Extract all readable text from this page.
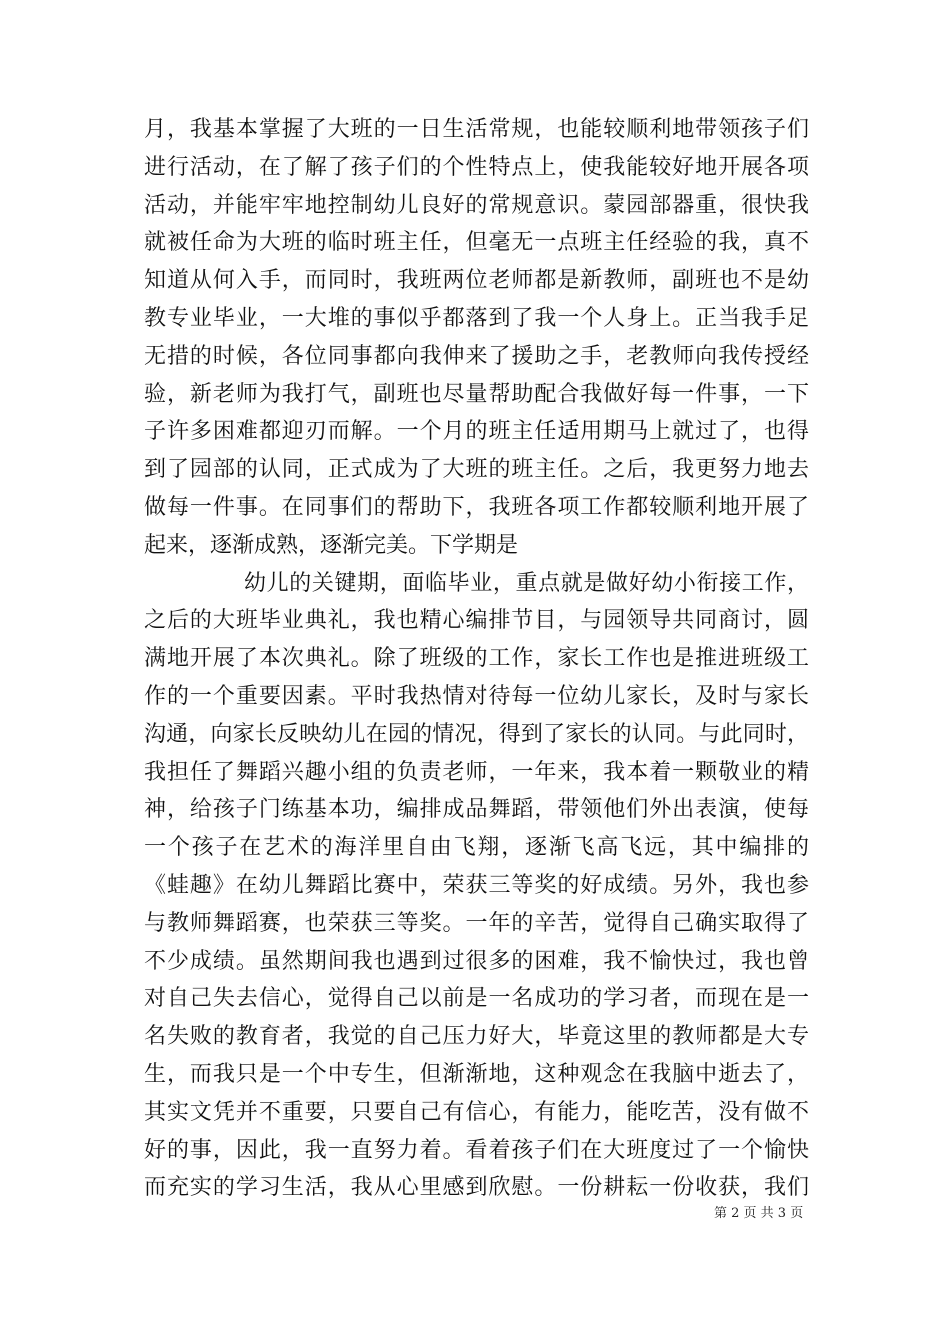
月，我基本掌握了大班的一日生活常规，也能较顺利地带领孩子们
进行活动，在了解了孩子们的个性特点上，使我能较好地开展各项
活动，并能牢牢地控制幼儿良好的常规意识。蒙园部器重，很快我
就被任命为大班的临时班主任，但毫无一点班主任经验的我，真不
知道从何入手，而同时，我班两位老师都是新教师，副班也不是幼
教专业毕业，一大堆的事似乎都落到了我一个人身上。正当我手足
无措的时候，各位同事都向我伸来了援助之手，老教师向我传授经
验，新老师为我打气，副班也尽量帮助配合我做好每一件事，一下
子许多困难都迎刃而解。一个月的班主任适用期马上就过了，也得
到了园部的认同，正式成为了大班的班主任。之后，我更努力地去
做每一件事。在同事们的帮助下，我班各项工作都较顺利地开展了
起来，逐渐成熟，逐渐完美。下学期是
幼儿的关键期，面临毕业，重点就是做好幼小衔接工作，
之后的大班毕业典礼，我也精心编排节目，与园领导共同商讨，圆
满地开展了本次典礼。除了班级的工作，家长工作也是推进班级工
作的一个重要因素。平时我热情对待每一位幼儿家长，及时与家长
沟通，向家长反映幼儿在园的情况，得到了家长的认同。与此同时，
我担任了舞蹈兴趣小组的负责老师，一年来，我本着一颗敬业的精
神，给孩子门练基本功，编排成品舞蹈，带领他们外出表演，使每
一个孩子在艺术的海洋里自由飞翔，逐渐飞高飞远，其中编排的
《蛙趣》在幼儿舞蹈比赛中，荣获三等奖的好成绩。另外，我也参
与教师舞蹈赛，也荣获三等奖。一年的辛苦，觉得自己确实取得了
不少成绩。虽然期间我也遇到过很多的困难，我不愉快过，我也曾
对自己失去信心，觉得自己以前是一名成功的学习者，而现在是一
名失败的教育者，我觉的自己压力好大，毕竟这里的教师都是大专
生，而我只是一个中专生，但渐渐地，这种观念在我脑中逝去了，
其实文凭并不重要，只要自己有信心，有能力，能吃苦，没有做不
好的事，因此，我一直努力着。看着孩子们在大班度过了一个愉快
而充实的学习生活，我从心里感到欣慰。一份耕耘一份收获，我们
第 2 页 共 3 页
